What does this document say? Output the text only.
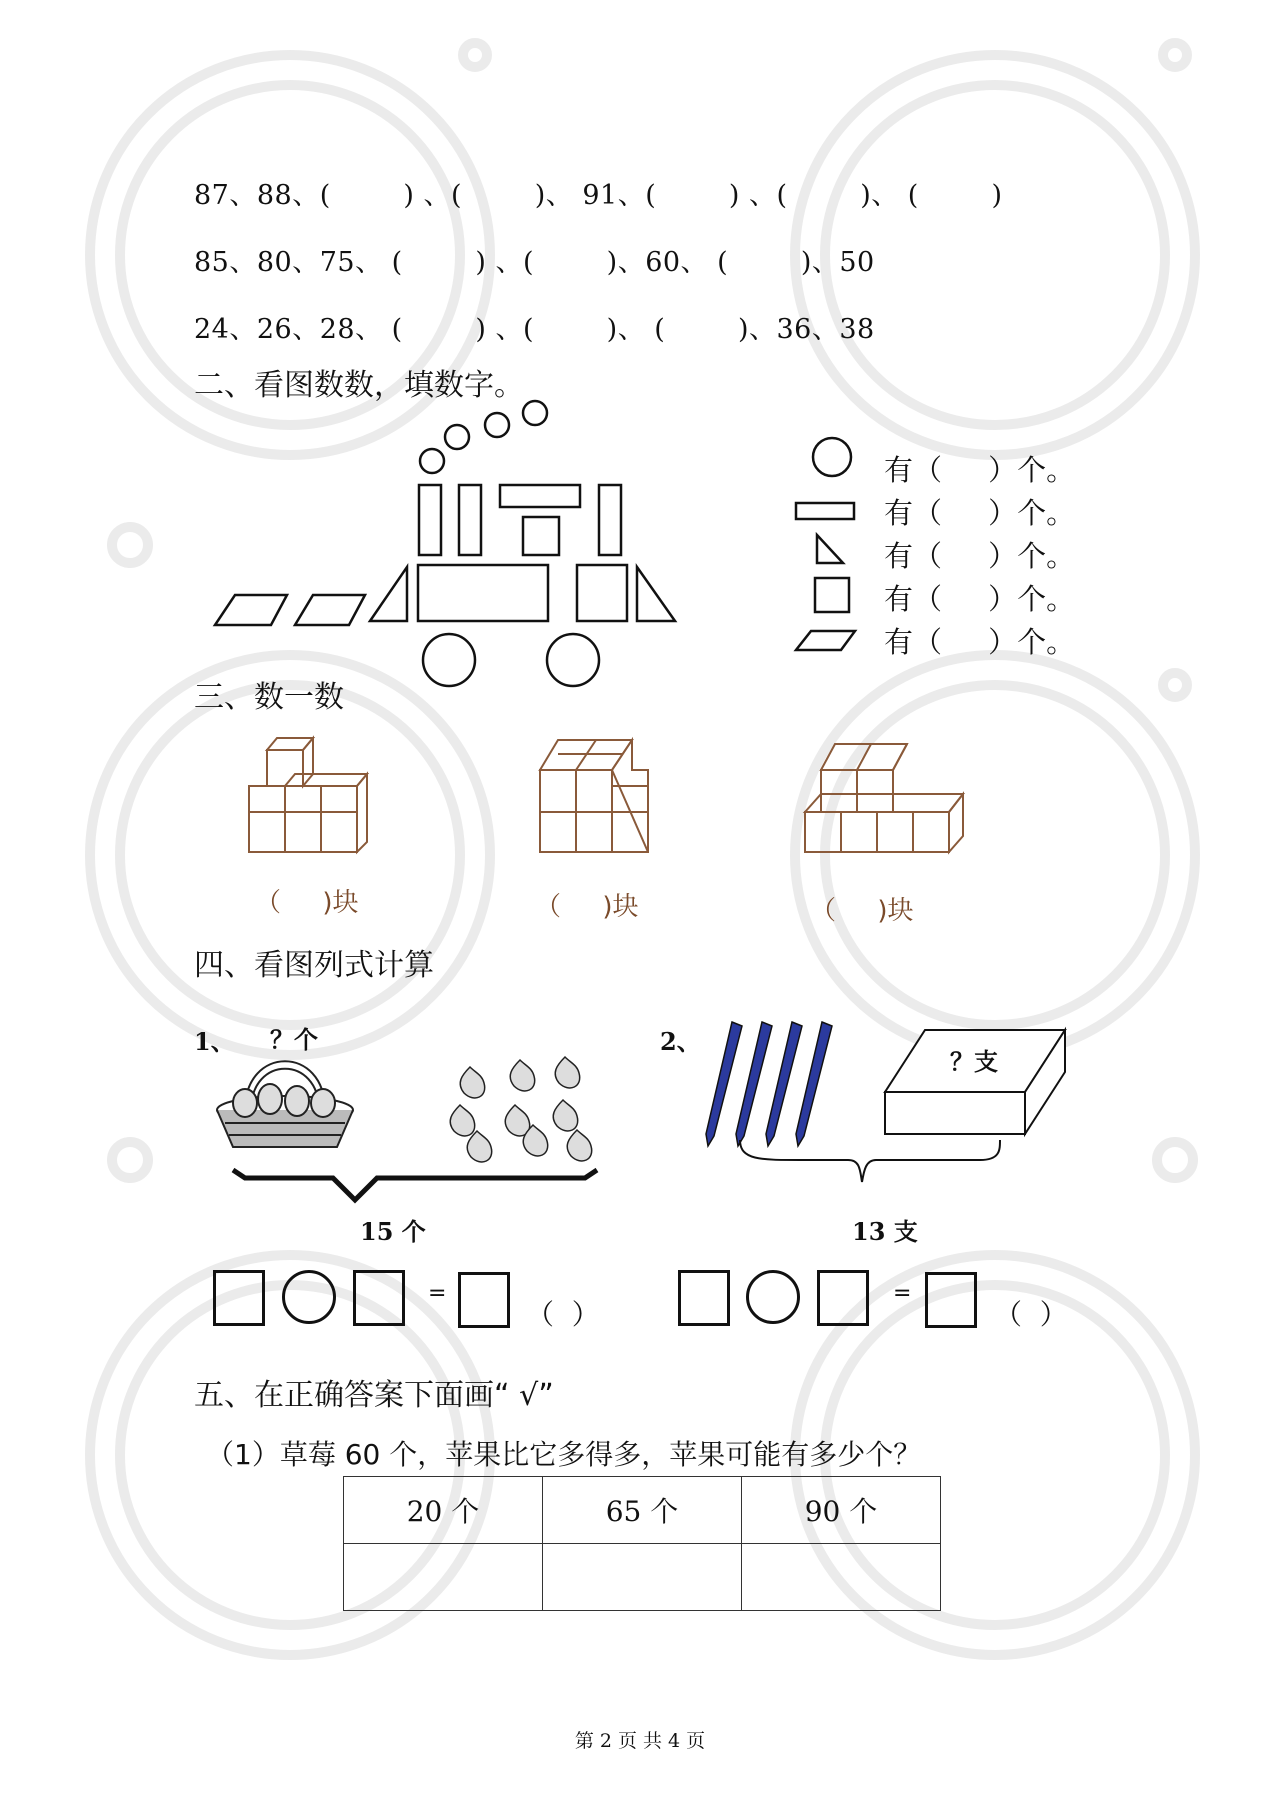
87、88、(        ) 、(        )、 91、(        ) 、(        )、 (        )
85、80、75、 (        ) 、(        )、60、 (        )、50
24、26、28、 (        ) 、(        )、 (        )、36、38
二、看图数数，填数字。
有（     ）个。
有（     ）个。
有（     ）个。
有（     ）个。
有（     ）个。
三、数一数
（     )块	（     )块	（     )块
四、看图列式计算
1、 ？个
15 个
2、
？支
13 支
=
（  ）
=
（  ）
五、在正确答案下面画“ √”
（1）草莓 60 个，苹果比它多得多，苹果可能有多少个？
20 个	65 个	90 个

第 2 页 共 4 页
